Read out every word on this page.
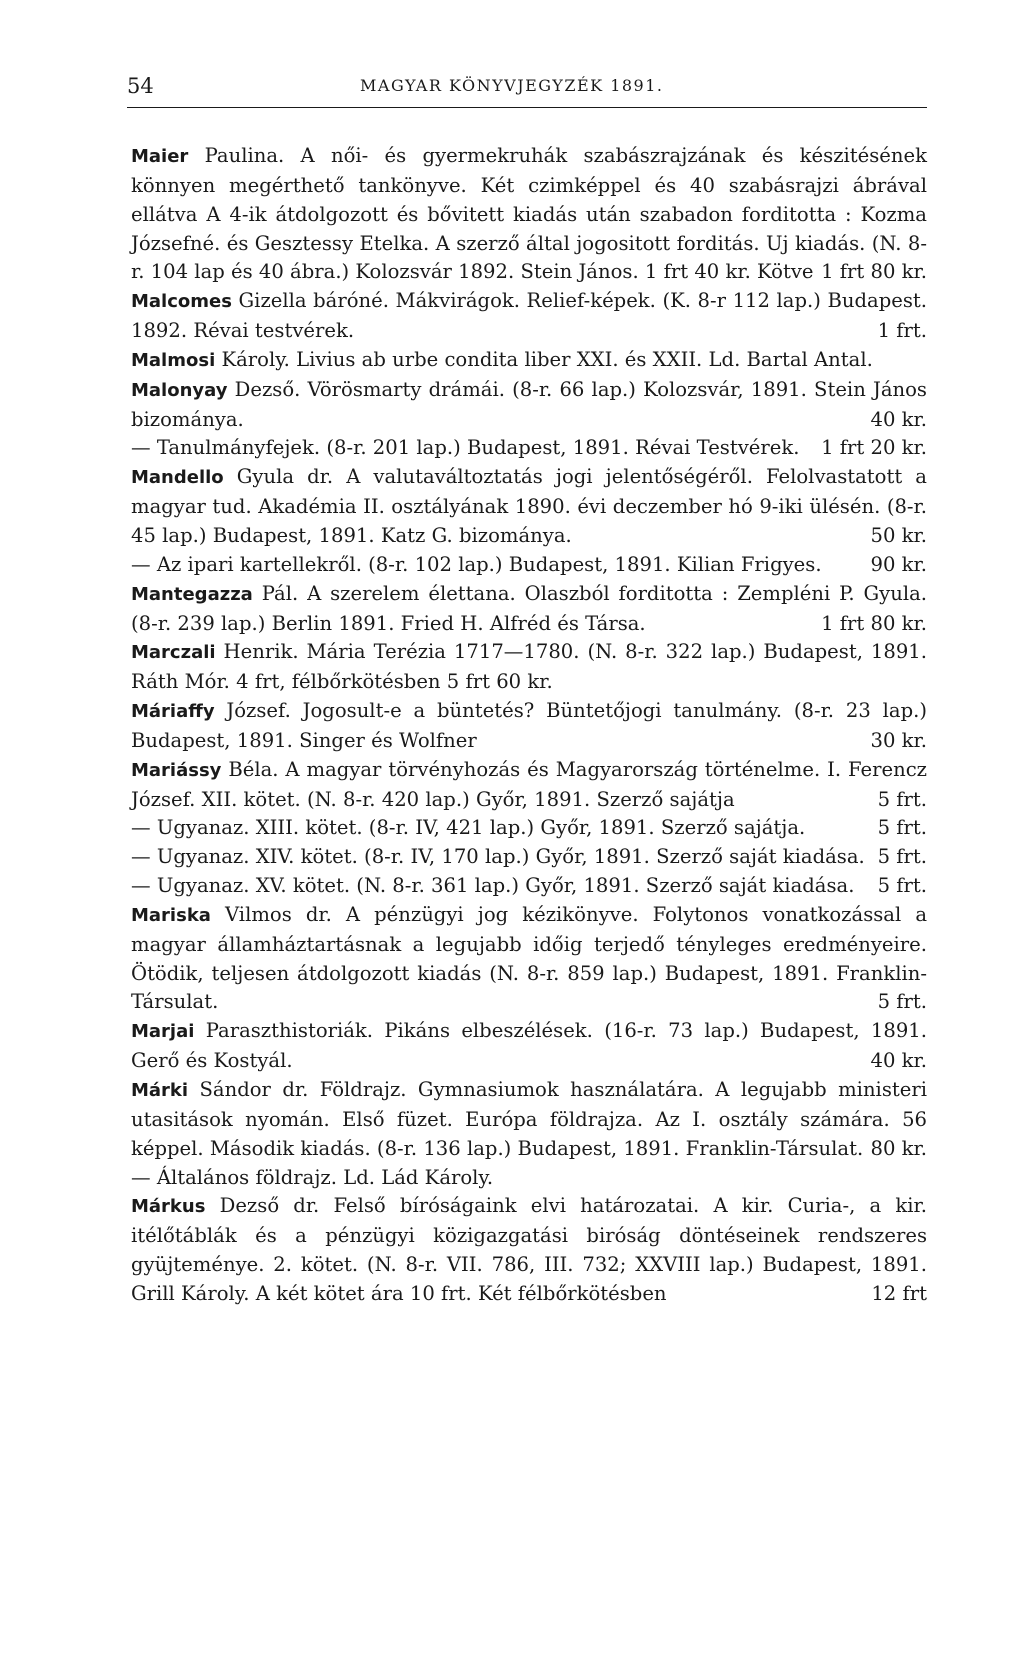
54	MAGYAR KÖNYVJEGYZÉK 1891.

Maier Paulina. A női- és gyermekruhák szabászrajzának és készitésének könnyen megérthető tankönyve. Két czimképpel és 40 szabásrajzi ábrával ellátva A 4-ik átdolgozott és bővitett kiadás után szabadon forditotta : Kozma Józsefné. és Gesztessy Etelka. A szerző által jogositott forditás. Uj kiadás. (N. 8-r. 104 lap és 40 ábra.) Kolozsvár 1892. Stein János. 1 frt 40 kr. Kötve 1 frt 80 kr.

Malcomes Gizella báróné. Mákvirágok. Relief-képek. (K. 8-r 112 lap.) Budapest. 1892. Révai testvérek.	1 frt.

Malmosi Károly. Livius ab urbe condita liber XXI. és XXII. Ld. Bartal Antal.

Malonyay Dezső. Vörösmarty drámái. (8-r. 66 lap.) Kolozsvár, 1891. Stein János bizománya.	40 kr.

— Tanulmányfejek. (8-r. 201 lap.) Budapest, 1891. Révai Testvérek. 1 frt 20 kr.

Mandello Gyula dr. A valutaváltoztatás jogi jelentőségéről. Felolvastatott a magyar tud. Akadémia II. osztályának 1890. évi deczember hó 9-iki ülésén. (8-r. 45 lap.) Budapest, 1891. Katz G. bizománya.	50 kr.

— Az ipari kartellekről. (8-r. 102 lap.) Budapest, 1891. Kilian Frigyes. 90 kr.

Mantegazza Pál. A szerelem élettana. Olaszból forditotta : Zempléni P. Gyula. (8-r. 239 lap.) Berlin 1891. Fried H. Alfréd és Társa.	1 frt 80 kr.

Marczali Henrik. Mária Terézia 1717—1780. (N. 8-r. 322 lap.) Budapest, 1891. Ráth Mór. 4 frt, félbőrkötésben 5 frt 60 kr.

Máriaffy József. Jogosult-e a büntetés? Büntetőjogi tanulmány. (8-r. 23 lap.) Budapest, 1891. Singer és Wolfner	30 kr.

Mariássy Béla. A magyar törvényhozás és Magyarország történelme. I. Ferencz József. XII. kötet. (N. 8-r. 420 lap.) Győr, 1891. Szerző sajátja	5 frt.

— Ugyanaz. XIII. kötet. (8-r. IV, 421 lap.) Győr, 1891. Szerző sajátja.	5 frt.

— Ugyanaz. XIV. kötet. (8-r. IV, 170 lap.) Győr, 1891. Szerző saját kiadása. 5 frt.

— Ugyanaz. XV. kötet. (N. 8-r. 361 lap.) Győr, 1891. Szerző saját kiadása. 5 frt.

Mariska Vilmos dr. A pénzügyi jog kézikönyve. Folytonos vonatkozással a magyar államháztartásnak a legujabb időig terjedő tényleges eredményeire. Ötödik, teljesen átdolgozott kiadás (N. 8-r. 859 lap.) Budapest, 1891. Franklin-Társulat.	5 frt.

Marjai Paraszthistoriák. Pikáns elbeszélések. (16-r. 73 lap.) Budapest, 1891. Gerő és Kostyál.	40 kr.

Márki Sándor dr. Földrajz. Gymnasiumok használatára. A legujabb ministeri utasitások nyomán. Első füzet. Európa földrajza. Az I. osztály számára. 56 képpel. Második kiadás. (8-r. 136 lap.) Budapest, 1891. Franklin-Társulat. 80 kr.

— Általános földrajz. Ld. Lád Károly.

Márkus Dezső dr. Felső bíróságaink elvi határozatai. A kir. Curia-, a kir. itélőtáblák és a pénzügyi közigazgatási biróság döntéseinek rendszeres gyüjteménye. 2. kötet. (N. 8-r. VII. 786, III. 732; XXVIII lap.) Budapest, 1891. Grill Károly. A két kötet ára 10 frt. Két félbőrkötésben	12 frt
